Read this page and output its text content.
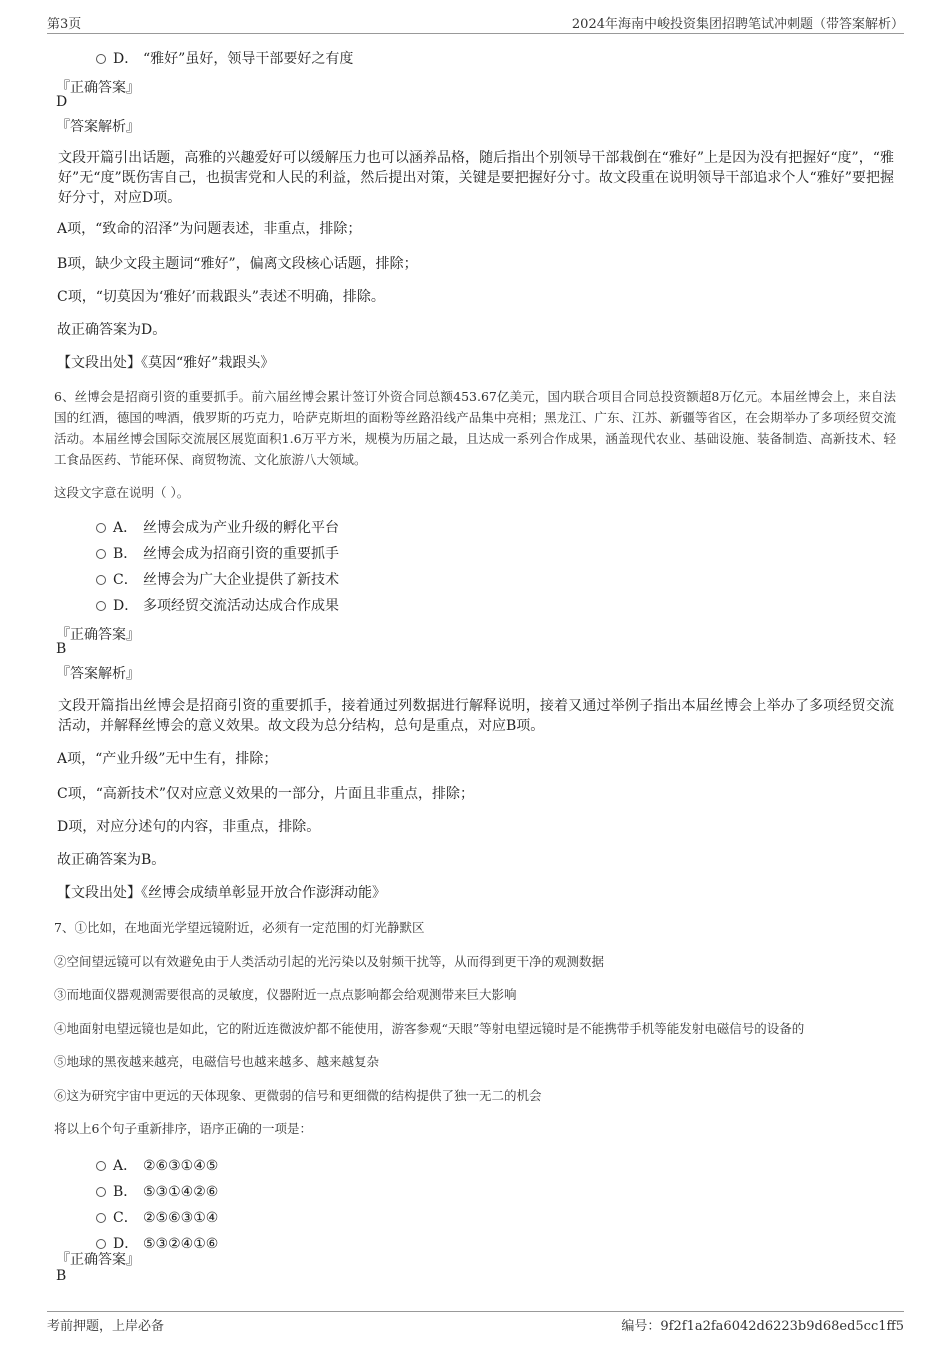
第3页	2024年海南中峻投资集团招聘笔试冲刺题（带答案解析）
D． “雅好”虽好，领导干部要好之有度
『正确答案』
D
『答案解析』
文段开篇引出话题，高雅的兴趣爱好可以缓解压力也可以涵养品格，随后指出个别领导干部栽倒在“雅好”上是因为没有把握好“度”，“雅好”无“度”既伤害自己，也损害党和人民的利益，然后提出对策，关键是要把握好分寸。故文段重在说明领导干部追求个人“雅好”要把握好分寸，对应D项。
A项，“致命的沼泽”为问题表述，非重点，排除；
B项，缺少文段主题词“雅好”，偏离文段核心话题，排除；
C项，“切莫因为‘雅好’而栽跟头”表述不明确，排除。
故正确答案为D。
【文段出处】《莫因“雅好”栽跟头》
6、丝博会是招商引资的重要抓手。前六届丝博会累计签订外资合同总额453.67亿美元，国内联合项目合同总投资额超8万亿元。本届丝博会上，来自法国的红酒，德国的啤酒，俄罗斯的巧克力，哈萨克斯坦的面粉等丝路沿线产品集中亮相；黑龙江、广东、江苏、新疆等省区，在会期举办了多项经贸交流活动。本届丝博会国际交流展区展览面积1.6万平方米，规模为历届之最，且达成一系列合作成果，涵盖现代农业、基础设施、装备制造、高新技术、轻工食品医药、节能环保、商贸物流、文化旅游八大领域。
这段文字意在说明（ ）。
A． 丝博会成为产业升级的孵化平台
B． 丝博会成为招商引资的重要抓手
C． 丝博会为广大企业提供了新技术
D． 多项经贸交流活动达成合作成果
『正确答案』
B
『答案解析』
文段开篇指出丝博会是招商引资的重要抓手，接着通过列数据进行解释说明，接着又通过举例子指出本届丝博会上举办了多项经贸交流活动，并解释丝博会的意义效果。故文段为总分结构，总句是重点，对应B项。
A项，“产业升级”无中生有，排除；
C项，“高新技术”仅对应意义效果的一部分，片面且非重点，排除；
D项，对应分述句的内容，非重点，排除。
故正确答案为B。
【文段出处】《丝博会成绩单彰显开放合作澎湃动能》
7、①比如，在地面光学望远镜附近，必须有一定范围的灯光静默区
②空间望远镜可以有效避免由于人类活动引起的光污染以及射频干扰等，从而得到更干净的观测数据
③而地面仪器观测需要很高的灵敏度，仪器附近一点点影响都会给观测带来巨大影响
④地面射电望远镜也是如此，它的附近连微波炉都不能使用，游客参观“天眼”等射电望远镜时是不能携带手机等能发射电磁信号的设备的
⑤地球的黑夜越来越亮，电磁信号也越来越多、越来越复杂
⑥这为研究宇宙中更远的天体现象、更微弱的信号和更细微的结构提供了独一无二的机会
将以上6个句子重新排序，语序正确的一项是：
A． ②⑥③①④⑤
B． ⑤③①④②⑥
C． ②⑤⑥③①④
D． ⑤③②④①⑥
『正确答案』
B
考前押题，上岸必备	编号：9f2f1a2fa6042d6223b9d68ed5cc1ff5
